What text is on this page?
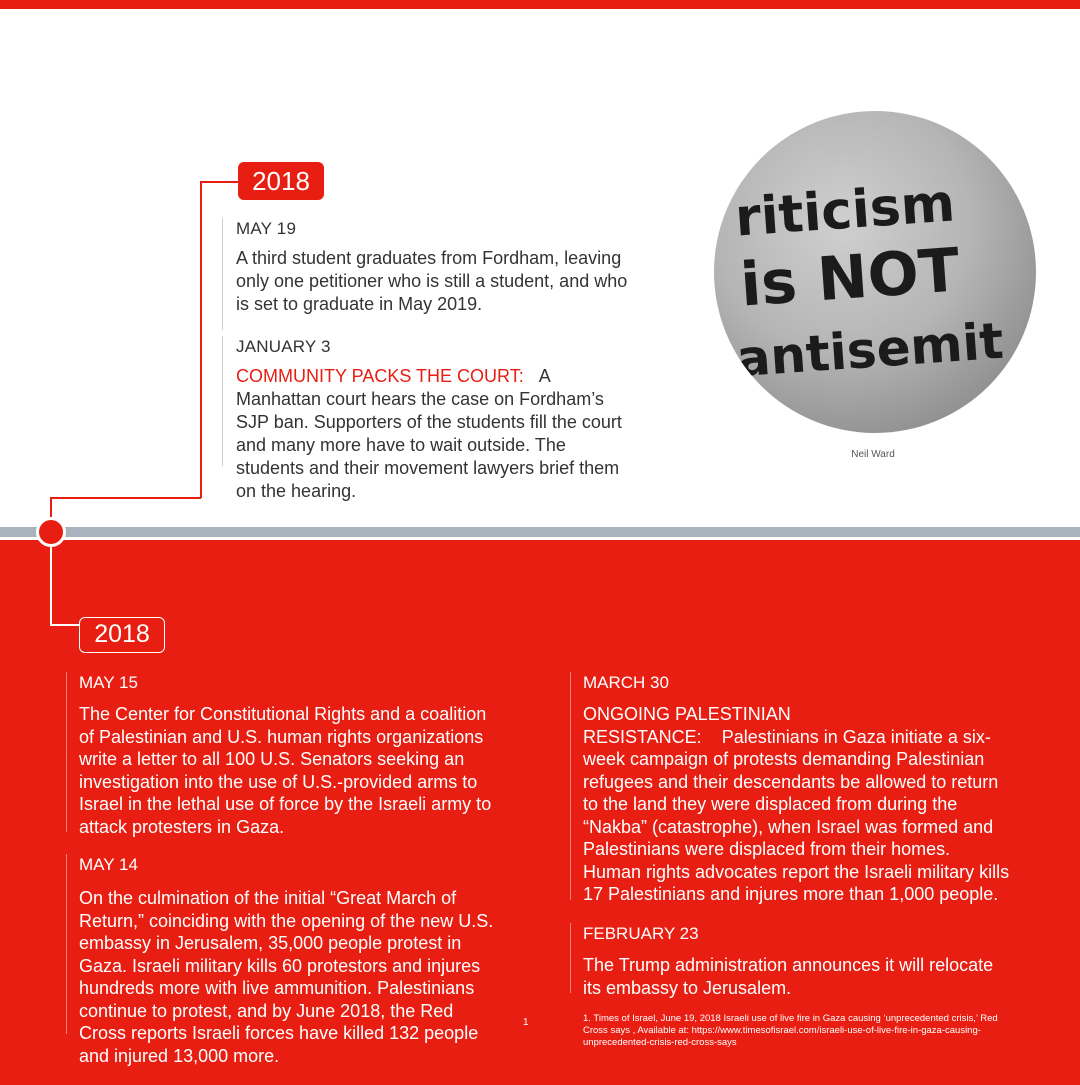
2018
MAY 19
A third student graduates from Fordham, leaving only one petitioner who is still a student, and who is set to graduate in May 2019.
JANUARY 3
COMMUNITY PACKS THE COURT: A Manhattan court hears the case on Fordham’s SJP ban. Supporters of the students fill the court and many more have to wait outside. The students and their movement lawyers brief them on the hearing.
riticism
is NOT
antisemit
Neil Ward
2018
MAY 15
The Center for Constitutional Rights and a coalition of Palestinian and U.S. human rights organizations write a letter to all 100 U.S. Senators seeking an investigation into the use of U.S.-provided arms to Israel in the lethal use of force by the Israeli army to attack protesters in Gaza.
MAY 14
On the culmination of the initial “Great March of Return,” coinciding with the opening of the new U.S. embassy in Jerusalem, 35,000 people protest in Gaza. Israeli military kills 60 protestors and injures hundreds more with live ammunition. Palestinians continue to protest, and by June 2018, the Red Cross reports Israeli forces have killed 132 people and injured 13,000 more.
1
MARCH 30
ONGOING PALESTINIAN RESISTANCE: Palestinians in Gaza initiate a six-week campaign of protests demanding Palestinian refugees and their descendants be allowed to return to the land they were displaced from during the “Nakba” (catastrophe), when Israel was formed and Palestinians were displaced from their homes. Human rights advocates report the Israeli military kills 17 Palestinians and injures more than 1,000 people.
FEBRUARY 23
The Trump administration announces it will relocate its embassy to Jerusalem.
1. Times of Israel, June 19, 2018 Israeli use of live fire in Gaza causing ‘unprecedented crisis,’ Red Cross says , Available at: https://www.timesofisrael.com/israeli-use-of-live-fire-in-gaza-causing-unprecedented-crisis-red-cross-says
